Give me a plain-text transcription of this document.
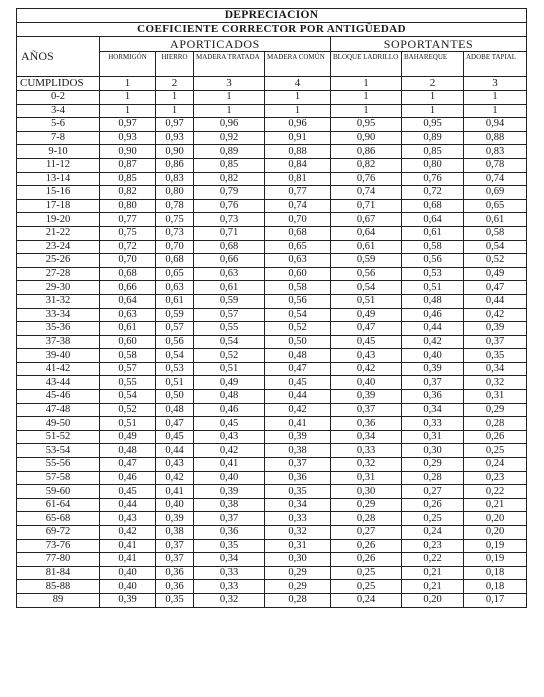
DEPRECIACIÓN							
COEFICIENTE CORRECTOR POR ANTIGÜEDAD							
AÑOS	APORTICADOS				SOPORTANTES		
	HORMIGÓN	HIERRO	MADERA TRATADA	MADERA COMÚN	BLOQUE LADRILLO	BAHAREQUE	ADOBE TAPIAL
CUMPLIDOS	1	2	3	4	1	2	3
0-2	1	1	1	1	1	1	1
3-4	1	1	1	1	1	1	1
5-6	0,97	0,97	0,96	0,96	0,95	0,95	0,94
7-8	0,93	0,93	0,92	0,91	0,90	0,89	0,88
9-10	0,90	0,90	0,89	0,88	0,86	0,85	0,83
11-12	0,87	0,86	0,85	0,84	0,82	0,80	0,78
13-14	0,85	0,83	0,82	0,81	0,76	0,76	0,74
15-16	0,82	0,80	0,79	0,77	0,74	0,72	0,69
17-18	0,80	0,78	0,76	0,74	0,71	0,68	0,65
19-20	0,77	0,75	0,73	0,70	0,67	0,64	0,61
21-22	0,75	0,73	0,71	0,68	0,64	0,61	0,58
23-24	0,72	0,70	0,68	0,65	0,61	0,58	0,54
25-26	0,70	0,68	0,66	0,63	0,59	0,56	0,52
27-28	0,68	0,65	0,63	0,60	0,56	0,53	0,49
29-30	0,66	0,63	0,61	0,58	0,54	0,51	0,47
31-32	0,64	0,61	0,59	0,56	0,51	0,48	0,44
33-34	0,63	0,59	0,57	0,54	0,49	0,46	0,42
35-36	0,61	0,57	0,55	0,52	0,47	0,44	0,39
37-38	0,60	0,56	0,54	0,50	0,45	0,42	0,37
39-40	0,58	0,54	0,52	0,48	0,43	0,40	0,35
41-42	0,57	0,53	0,51	0,47	0,42	0,39	0,34
43-44	0,55	0,51	0,49	0,45	0,40	0,37	0,32
45-46	0,54	0,50	0,48	0,44	0,39	0,36	0,31
47-48	0,52	0,48	0,46	0,42	0,37	0,34	0,29
49-50	0,51	0,47	0,45	0,41	0,36	0,33	0,28
51-52	0,49	0,45	0,43	0,39	0,34	0,31	0,26
53-54	0,48	0,44	0,42	0,38	0,33	0,30	0,25
55-56	0,47	0,43	0,41	0,37	0,32	0,29	0,24
57-58	0,46	0,42	0,40	0,36	0,31	0,28	0,23
59-60	0,45	0,41	0,39	0,35	0,30	0,27	0,22
61-64	0,44	0,40	0,38	0,34	0,29	0,26	0,21
65-68	0,43	0,39	0,37	0,33	0,28	0,25	0,20
69-72	0,42	0,38	0,36	0,32	0,27	0,24	0,20
73-76	0,41	0,37	0,35	0,31	0,26	0,23	0,19
77-80	0,41	0,37	0,34	0,30	0,26	0,22	0,19
81-84	0,40	0,36	0,33	0,29	0,25	0,21	0,18
85-88	0,40	0,36	0,33	0,29	0,25	0,21	0,18
89	0,39	0,35	0,32	0,28	0,24	0,20	0,17
